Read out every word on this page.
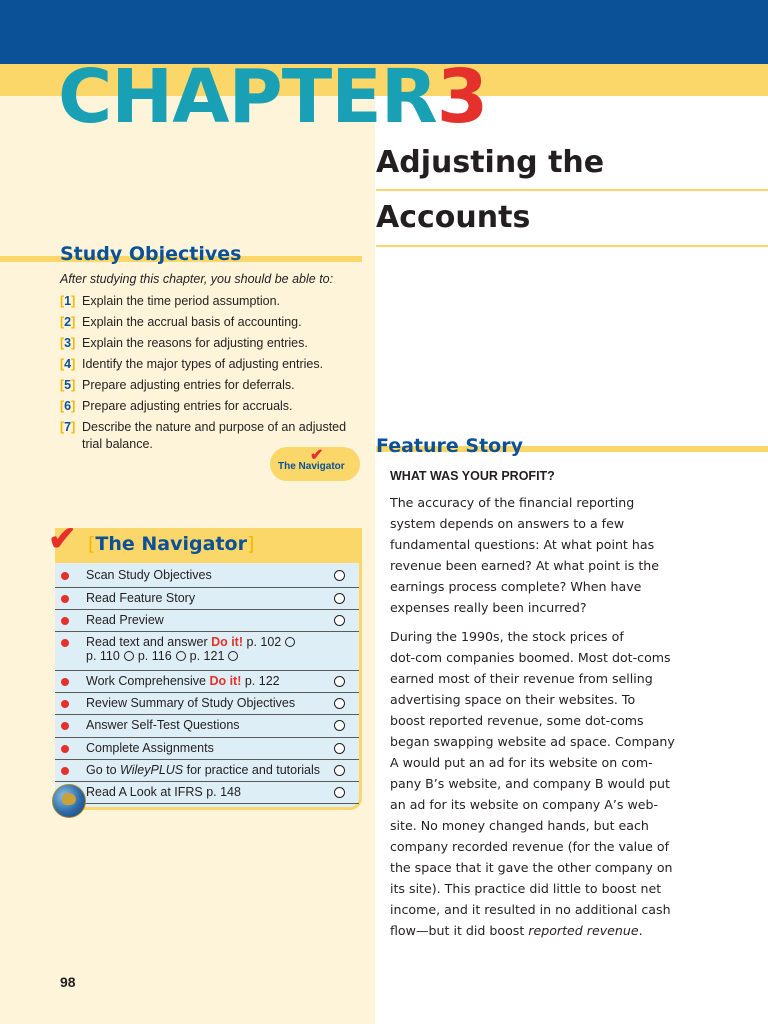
CHAPTER3
Adjusting the
Accounts
Study Objectives
After studying this chapter, you should be able to:
[1] Explain the time period assumption.
[2] Explain the accrual basis of accounting.
[3] Explain the reasons for adjusting entries.
[4] Identify the major types of adjusting entries.
[5] Prepare adjusting entries for deferrals.
[6] Prepare adjusting entries for accruals.
[7] Describe the nature and purpose of an adjusted trial balance.
✔
The Navigator
[The Navigator]
✔
Scan Study Objectives
Read Feature Story
Read Preview
Read text and answer Do it! p. 102
p. 110 p. 116 p. 121
Work Comprehensive Do it! p. 122
Review Summary of Study Objectives
Answer Self-Test Questions
Complete Assignments
Go to WileyPLUS for practice and tutorials
Read A Look at IFRS p. 148
Feature Story
WHAT WAS YOUR PROFIT?
The accuracy of the financial reporting
system depends on answers to a few
fundamental questions: At what point has
revenue been earned? At what point is the
earnings process complete? When have
expenses really been incurred?
During the 1990s, the stock prices of
dot-com companies boomed. Most dot-coms
earned most of their revenue from selling
advertising space on their websites. To
boost reported revenue, some dot-coms
began swapping website ad space. Company
A would put an ad for its website on com-
pany B’s website, and company B would put
an ad for its website on company A’s web-
site. No money changed hands, but each
company recorded revenue (for the value of
the space that it gave the other company on
its site). This practice did little to boost net
income, and it resulted in no additional cash
flow—but it did boost reported revenue.
98
